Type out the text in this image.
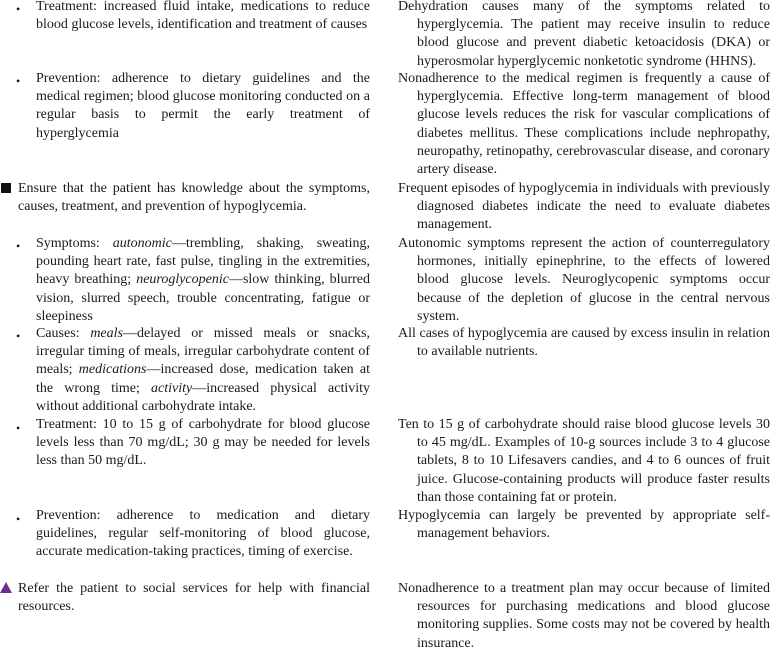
• Treatment: increased fluid intake, medications to reduce blood glucose levels, identification and treatment of causes

Dehydration causes many of the symptoms related to hyperglycemia. The patient may receive insulin to reduce blood glucose and prevent diabetic ketoacidosis (DKA) or hyperosmolar hyperglycemic nonketotic syndrome (HHNS).

• Prevention: adherence to dietary guidelines and the medical regimen; blood glucose monitoring conducted on a regular basis to permit the early treatment of hyperglycemia

Nonadherence to the medical regimen is frequently a cause of hyperglycemia. Effective long-term management of blood glucose levels reduces the risk for vascular complications of diabetes mellitus. These complications include nephropathy, neuropathy, retinopathy, cerebrovascular disease, and coronary artery disease.

Ensure that the patient has knowledge about the symptoms, causes, treatment, and prevention of hypoglycemia.

Frequent episodes of hypoglycemia in individuals with previously diagnosed diabetes indicate the need to evaluate diabetes management.

• Symptoms: autonomic—trembling, shaking, sweating, pounding heart rate, fast pulse, tingling in the extremities, heavy breathing; neuroglycopenic—slow thinking, blurred vision, slurred speech, trouble concentrating, fatigue or sleepiness

Autonomic symptoms represent the action of counterregulatory hormones, initially epinephrine, to the effects of lowered blood glucose levels. Neuroglycopenic symptoms occur because of the depletion of glucose in the central nervous system.

• Causes: meals—delayed or missed meals or snacks, irregular timing of meals, irregular carbohydrate content of meals; medications—increased dose, medication taken at the wrong time; activity—increased physical activity without additional carbohydrate intake.

All cases of hypoglycemia are caused by excess insulin in relation to available nutrients.

• Treatment: 10 to 15 g of carbohydrate for blood glucose levels less than 70 mg/dL; 30 g may be needed for levels less than 50 mg/dL.

Ten to 15 g of carbohydrate should raise blood glucose levels 30 to 45 mg/dL. Examples of 10-g sources include 3 to 4 glucose tablets, 8 to 10 Lifesavers candies, and 4 to 6 ounces of fruit juice. Glucose-containing products will produce faster results than those containing fat or protein.

• Prevention: adherence to medication and dietary guidelines, regular self-monitoring of blood glucose, accurate medication-taking practices, timing of exercise.

Hypoglycemia can largely be prevented by appropriate self-management behaviors.

Refer the patient to social services for help with financial resources.

Nonadherence to a treatment plan may occur because of limited resources for purchasing medications and blood glucose monitoring supplies. Some costs may not be covered by health insurance.
